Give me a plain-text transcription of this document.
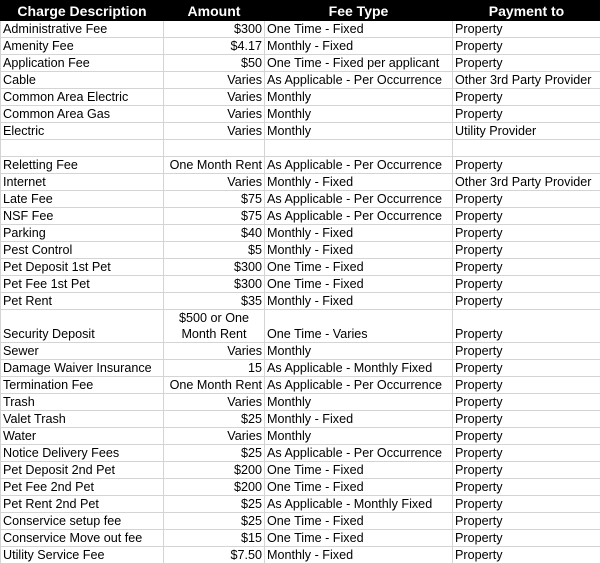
Charge Description	Amount	Fee Type	Payment to
Administrative Fee	$300	One Time - Fixed	Property
Amenity Fee	$4.17	Monthly - Fixed	Property
Application Fee	$50	One Time - Fixed per applicant	Property
Cable	Varies	As Applicable - Per Occurrence	Other 3rd Party Provider
Common Area Electric	Varies	Monthly	Property
Common Area Gas	Varies	Monthly	Property
Electric	Varies	Monthly	Utility Provider

Reletting Fee	One Month Rent	As Applicable - Per Occurrence	Property
Internet	Varies	Monthly - Fixed	Other 3rd Party Provider
Late Fee	$75	As Applicable - Per Occurrence	Property
NSF Fee	$75	As Applicable - Per Occurrence	Property
Parking	$40	Monthly - Fixed	Property
Pest Control	$5	Monthly - Fixed	Property
Pet Deposit 1st Pet	$300	One Time - Fixed	Property
Pet Fee 1st Pet	$300	One Time - Fixed	Property
Pet Rent	$35	Monthly - Fixed	Property
Security Deposit	$500 or One Month Rent	One Time - Varies	Property
Sewer	Varies	Monthly	Property
Damage Waiver Insurance	15	As Applicable - Monthly Fixed	Property
Termination Fee	One Month Rent	As Applicable - Per Occurrence	Property
Trash	Varies	Monthly	Property
Valet Trash	$25	Monthly - Fixed	Property
Water	Varies	Monthly	Property
Notice Delivery Fees	$25	As Applicable - Per Occurrence	Property
Pet Deposit 2nd Pet	$200	One Time - Fixed	Property
Pet Fee 2nd Pet	$200	One Time - Fixed	Property
Pet Rent 2nd Pet	$25	As Applicable - Monthly Fixed	Property
Conservice setup fee	$25	One Time - Fixed	Property
Conservice Move out fee	$15	One Time - Fixed	Property
Utility Service Fee	$7.50	Monthly - Fixed	Property
